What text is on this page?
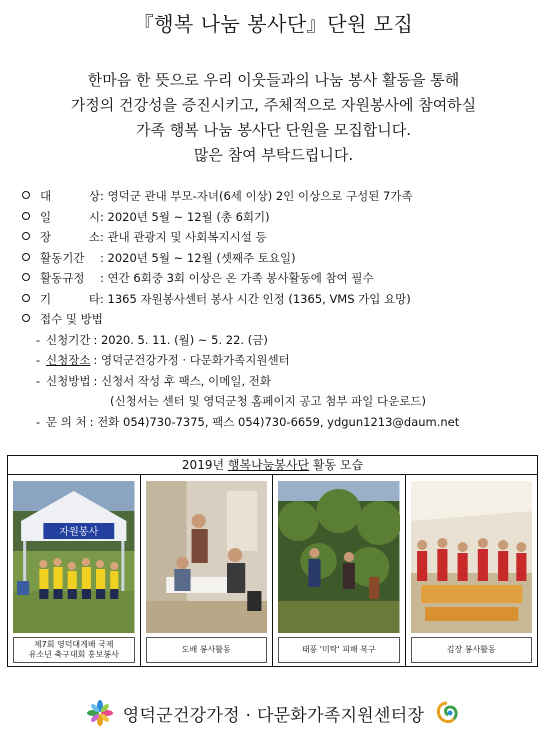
『행복 나눔 봉사단』단원 모집
한마음 한 뜻으로 우리 이웃들과의 나눔 봉사 활동을 통해
가정의 건강성을 증진시키고, 주체적으로 자원봉사에 참여하실
가족 행복 나눔 봉사단 단원을 모집합니다.
많은 참여 부탁드립니다.
대	상 : 영덕군 관내 부모-자녀(6세 이상) 2인 이상으로 구성된 7가족
일	시 : 2020년 5월 ~ 12월 (총 6회기)
장	소 : 관내 관광지 및 사회복지시설 등
활동기간	: 2020년 5월 ~ 12월 (셋째주 토요일)
활동규정	: 연간 6회중 3회 이상은 온 가족 봉사활동에 참여 필수
기	타 : 1365 자원봉사센터 봉사 시간 인정 (1365, VMS 가입 요망)
접수 및 방법
- 신청기간 : 2020. 5. 11. (월) ~ 5. 22. (금)
- 신청장소 : 영덕군건강가정 · 다문화가족지원센터
- 신청방법 : 신청서 작성 후 팩스, 이메일, 전화
(신청서는 센터 및 영덕군청 홈페이지 공고 첨부 파일 다운로드)
- 문 의 처 : 전화 054)730-7375, 팩스 054)730-6659, ydgun1213@daum.net
2019년 행복나눔봉사단 활동 모습
자원봉사
제7회 영덕대게배 국제
유소년 축구대회 홍보봉사
도배 봉사활동	태풍 '미탁' 피해 복구	김장 봉사활동
영덕군건강가정 · 다문화가족지원센터장
